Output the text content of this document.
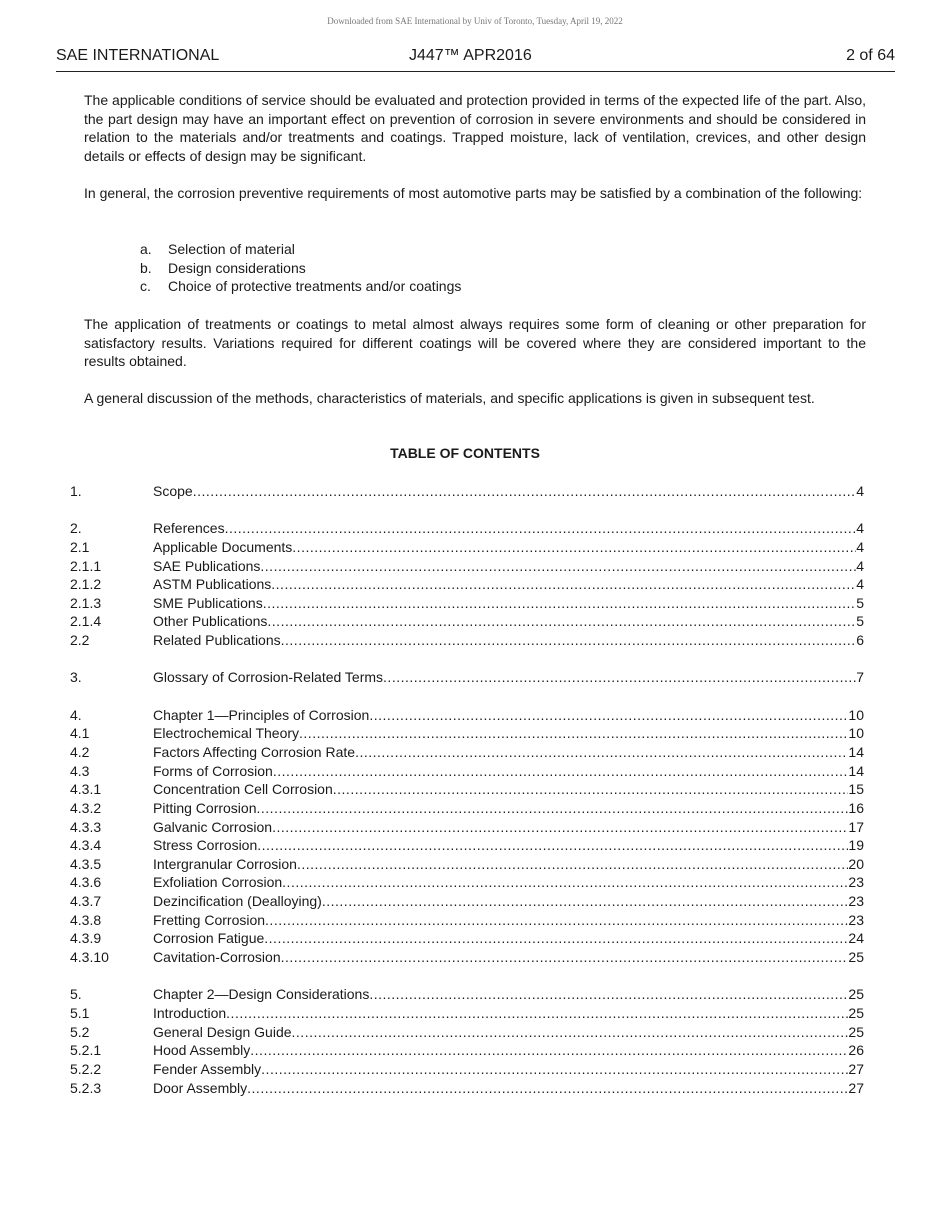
Downloaded from SAE International by Univ of Toronto, Tuesday, April 19, 2022
SAE INTERNATIONAL	J447™ APR2016	2 of 64

The applicable conditions of service should be evaluated and protection provided in terms of the expected life of the part. Also, the part design may have an important effect on prevention of corrosion in severe environments and should be considered in relation to the materials and/or treatments and coatings. Trapped moisture, lack of ventilation, crevices, and other design details or effects of design may be significant.

In general, the corrosion preventive requirements of most automotive parts may be satisfied by a combination of the following:

a. Selection of material
b. Design considerations
c. Choice of protective treatments and/or coatings

The application of treatments or coatings to metal almost always requires some form of cleaning or other preparation for satisfactory results. Variations required for different coatings will be covered where they are considered important to the results obtained.

A general discussion of the methods, characteristics of materials, and specific applications is given in subsequent test.

TABLE OF CONTENTS
1.	Scope .....	4
2.	References .....	4
2.1	Applicable Documents .....	4
2.1.1	SAE Publications .....	4
2.1.2	ASTM Publications .....	4
2.1.3	SME Publications .....	5
2.1.4	Other Publications .....	5
2.2	Related Publications .....	6
3.	Glossary of Corrosion-Related Terms .....	7
4.	Chapter 1—Principles of Corrosion .....	10
4.1	Electrochemical Theory .....	10
4.2	Factors Affecting Corrosion Rate .....	14
4.3	Forms of Corrosion .....	14
4.3.1	Concentration Cell Corrosion .....	15
4.3.2	Pitting Corrosion .....	16
4.3.3	Galvanic Corrosion .....	17
4.3.4	Stress Corrosion .....	19
4.3.5	Intergranular Corrosion .....	20
4.3.6	Exfoliation Corrosion .....	23
4.3.7	Dezincification (Dealloying) .....	23
4.3.8	Fretting Corrosion .....	23
4.3.9	Corrosion Fatigue .....	24
4.3.10	Cavitation-Corrosion .....	25
5.	Chapter 2—Design Considerations .....	25
5.1	Introduction .....	25
5.2	General Design Guide .....	25
5.2.1	Hood Assembly .....	26
5.2.2	Fender Assembly .....	27
5.2.3	Door Assembly .....	27
